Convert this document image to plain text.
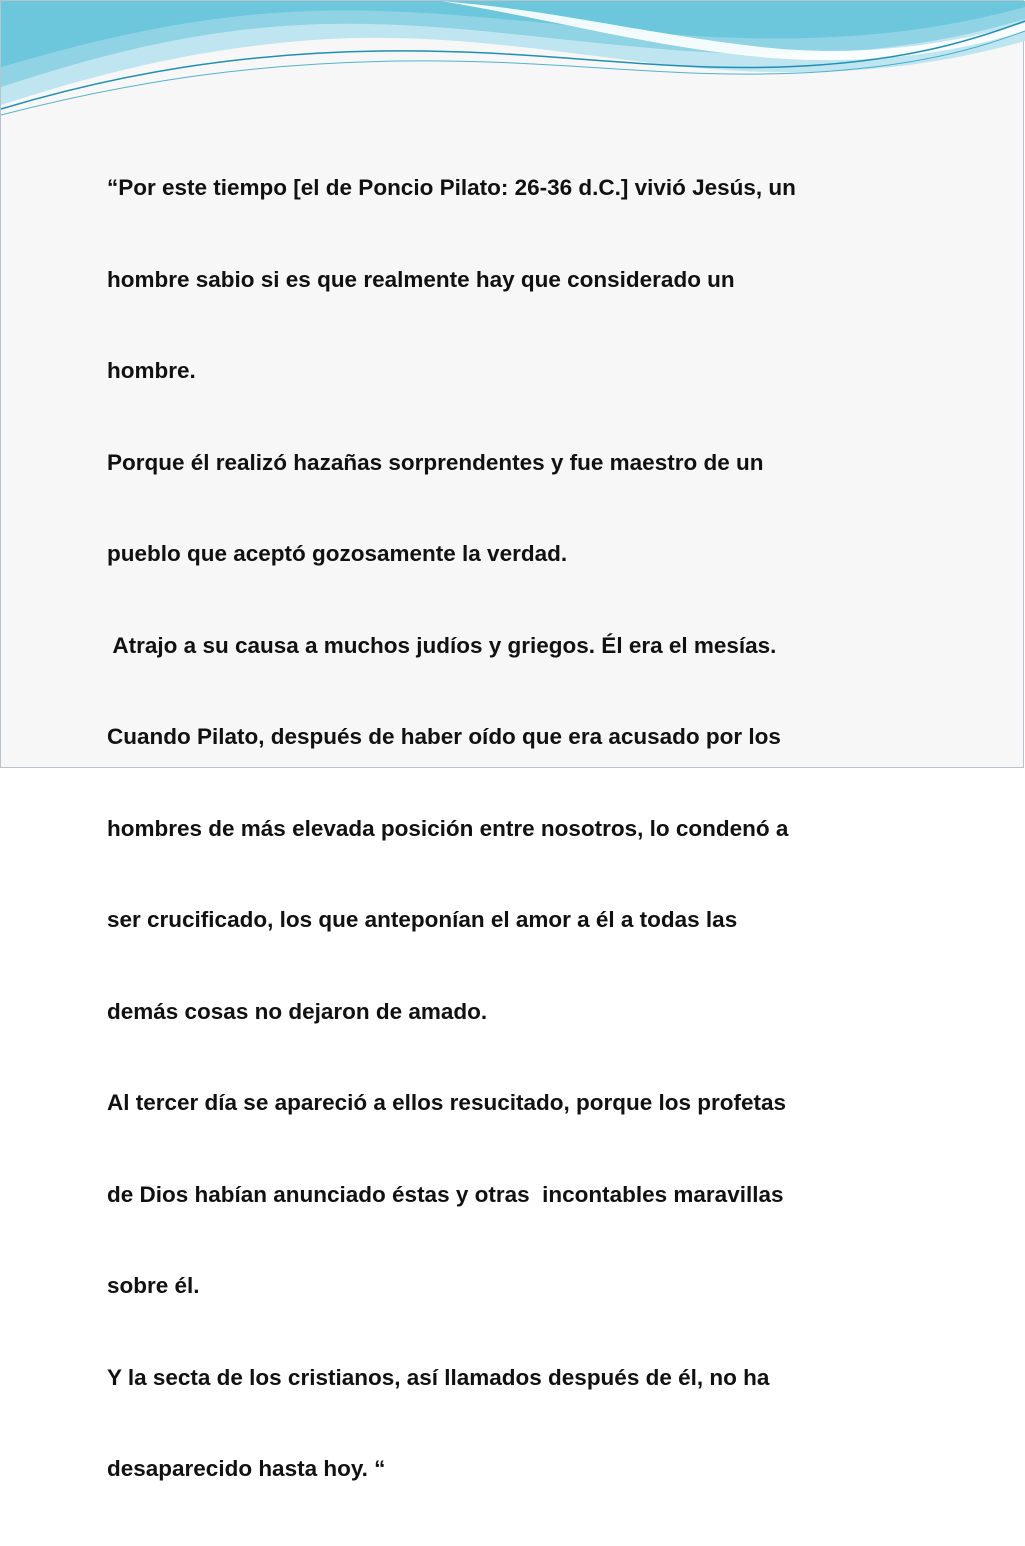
“Por este tiempo [el de Poncio Pilato: 26-36 d.C.] vivió Jesús, un

hombre sabio si es que realmente hay que considerado un

hombre.

Porque él realizó hazañas sorprendentes y fue maestro de un

pueblo que aceptó gozosamente la verdad.

Atrajo a su causa a muchos judíos y griegos. Él era el mesías.

Cuando Pilato, después de haber oído que era acusado por los

hombres de más elevada posición entre nosotros, lo condenó a

ser crucificado, los que anteponían el amor a él a todas las

demás cosas no dejaron de amado.

Al tercer día se apareció a ellos resucitado, porque los profetas

de Dios habían anunciado éstas y otras  incontables maravillas

sobre él.

Y la secta de los cristianos, así llamados después de él, no ha

desaparecido hasta hoy. “
